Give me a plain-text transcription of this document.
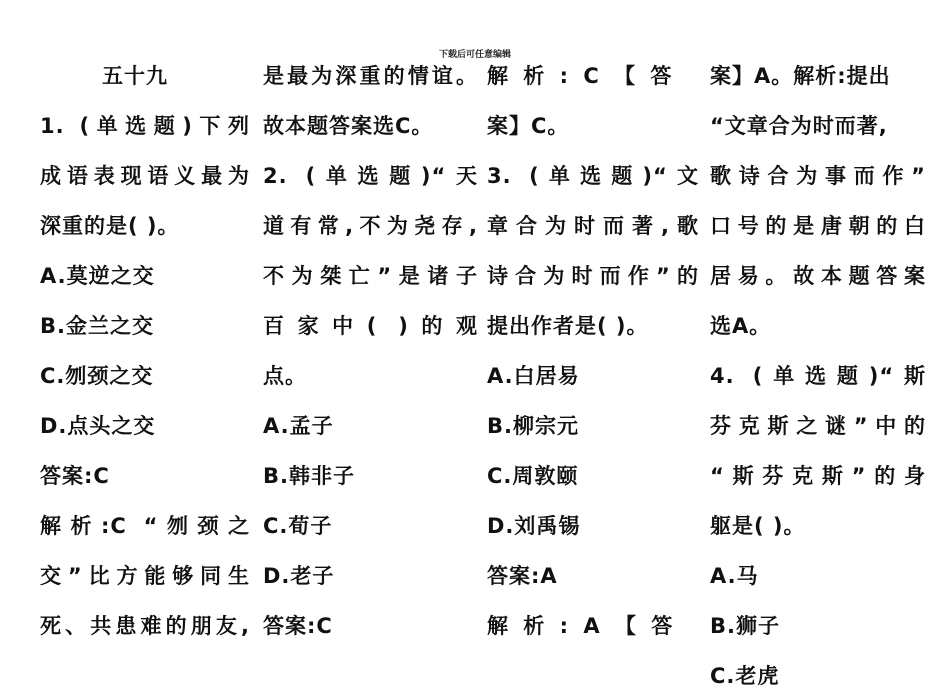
下载后可任意编辑
五十九
1. (单选题)下列
成语表现语义最为
深重的是( )。
A.莫逆之交
B.金兰之交
C.刎颈之交
D.点头之交
答案:C
解析:C “刎颈之
交”比方能够同生
死、共患难的朋友,
是最为深重的情谊。
故本题答案选C。
2. (单选题)“天
道有常,不为尧存,
不为桀亡”是诸子
百家中( )的观
点。
A.孟子
B.韩非子
C.荀子
D.老子
答案:C
解 析 : C 【 答
案】C。
3. (单选题)“文
章合为时而著,歌
诗合为时而作”的
提出作者是( )。
A.白居易
B.柳宗元
C.周敦颐
D.刘禹锡
答案:A
解 析 : A 【 答
案】A。解析:提出
“文章合为时而著,
歌诗合为事而作”
口号的是唐朝的白
居易。故本题答案
选A。
4. (单选题)“斯
芬克斯之谜”中的
“斯芬克斯”的身
躯是( )。
A.马
B.狮子
C.老虎
